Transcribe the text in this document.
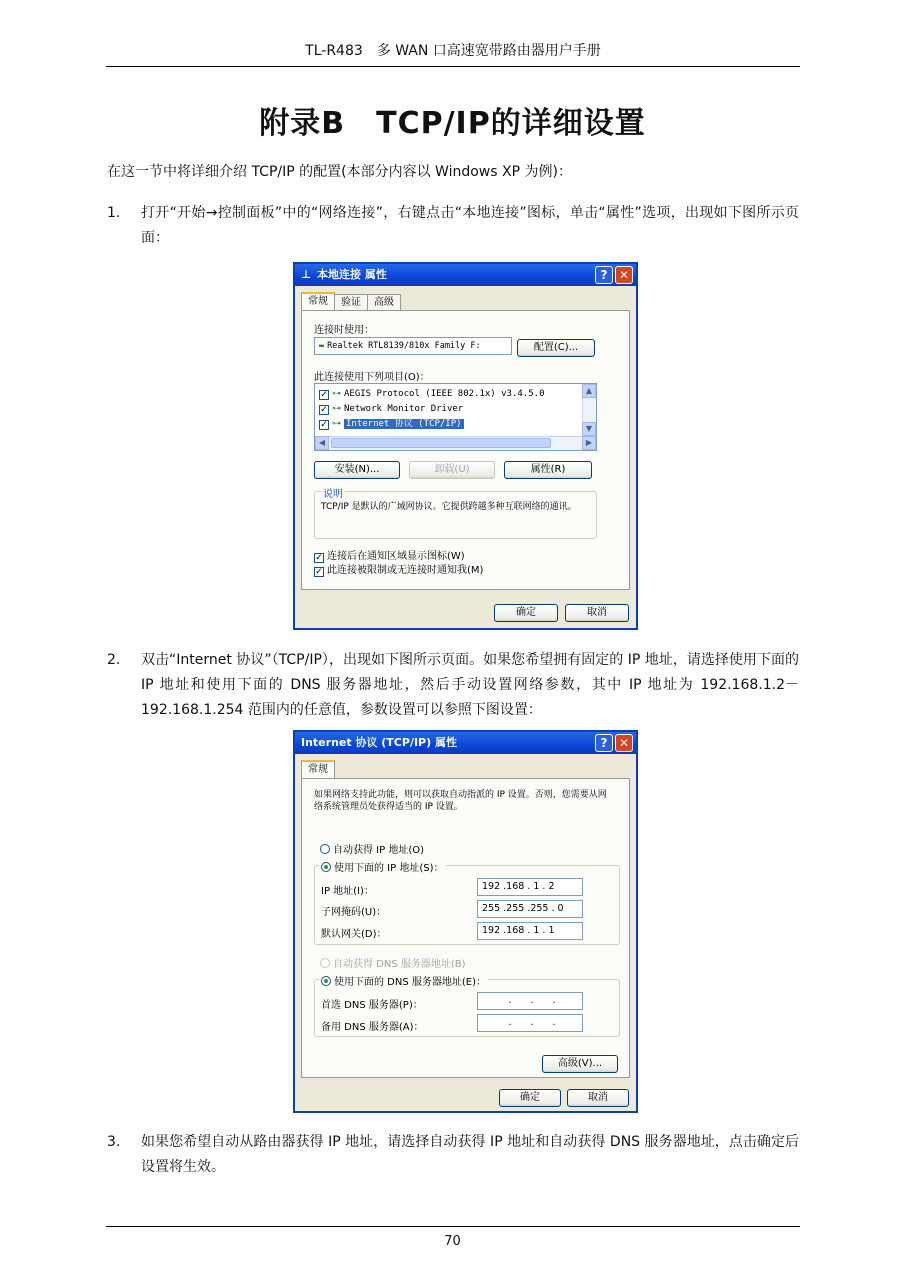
TL-R483　多 WAN 口高速宽带路由器用户手册
附录B　TCP/IP的详细设置
在这一节中将详细介绍 TCP/IP 的配置(本部分内容以 Windows XP 为例)：
1. 打开“开始→控制面板”中的“网络连接”，右键点击“本地连接”图标，单击“属性”选项，出现如下图所示页面：
⊥ 本地连接 属性	? ✕
常规 验证 高级
连接时使用：
▬ Realtek RTL8139/810x Family F:	配置(C)...
此连接使用下列项目(O)：
✓ ⊶ AEGIS Protocol (IEEE 802.1x) v3.4.5.0
✓ ⊶ Network Monitor Driver
✓ ⊶ Internet 协议 (TCP/IP)
▲
▼
◀	▶
安装(N)...	卸载(U)	属性(R)
说明
TCP/IP 是默认的广域网协议。它提供跨越多种互联网络的通讯。
✓ 连接后在通知区域显示图标(W)
✓ 此连接被限制或无连接时通知我(M)
确定	取消
2. 双击“Internet 协议”（TCP/IP），出现如下图所示页面。如果您希望拥有固定的 IP 地址，请选择使用下面的 IP 地址和使用下面的 DNS 服务器地址，然后手动设置网络参数，其中 IP 地址为 192.168.1.2－192.168.1.254 范围内的任意值，参数设置可以参照下图设置：
Internet 协议 (TCP/IP) 属性	? ✕
常规
如果网络支持此功能，则可以获取自动指派的 IP 设置。否则，您需要从网络系统管理员处获得适当的 IP 设置。
自动获得 IP 地址(O)
使用下面的 IP 地址(S)：
IP 地址(I)：	192 .168 . 1 . 2
子网掩码(U)：	255 .255 .255 . 0
默认网关(D)：	192 .168 . 1 . 1
自动获得 DNS 服务器地址(B)
使用下面的 DNS 服务器地址(E)：
首选 DNS 服务器(P)：	.　　.　　.
备用 DNS 服务器(A)：	.　　.　　.
高级(V)...
确定	取消
3. 如果您希望自动从路由器获得 IP 地址，请选择自动获得 IP 地址和自动获得 DNS 服务器地址，点击确定后设置将生效。
70
